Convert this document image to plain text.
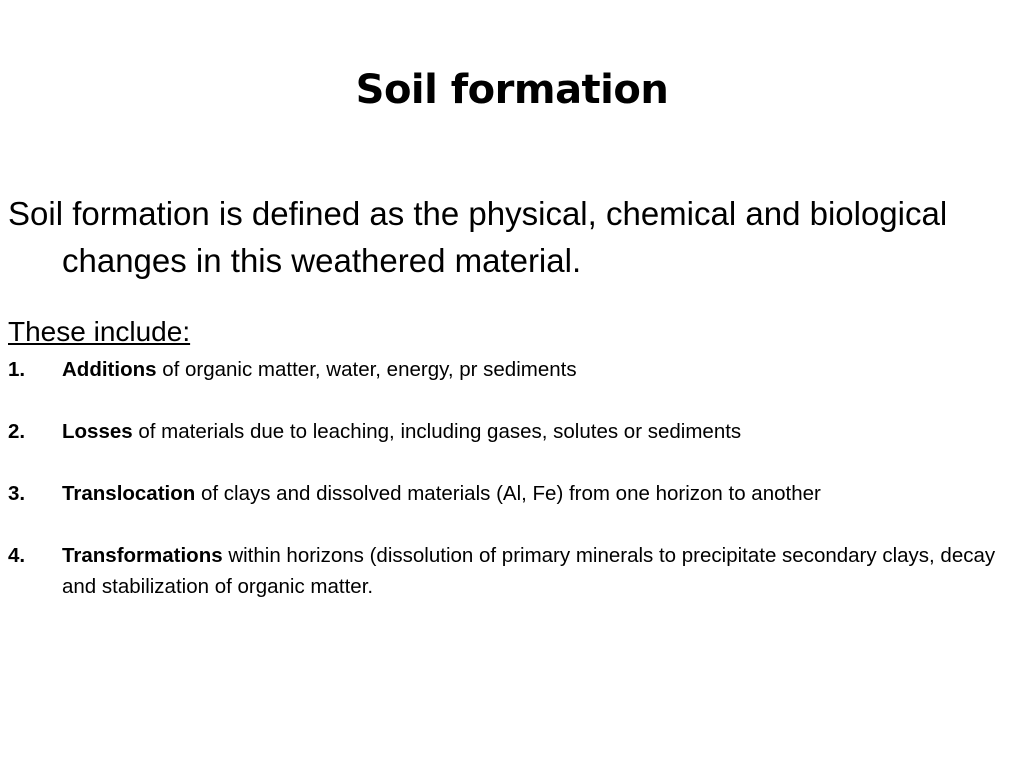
Soil formation
Soil formation is defined as the physical, chemical and biological changes in this weathered material.
These include:
1. Additions of organic matter, water, energy, pr sediments
2. Losses of materials due to leaching, including gases, solutes or sediments
3. Translocation of clays and dissolved materials (Al, Fe) from one horizon to another
4. Transformations within horizons (dissolution of primary minerals to precipitate secondary clays, decay and stabilization of organic matter.
